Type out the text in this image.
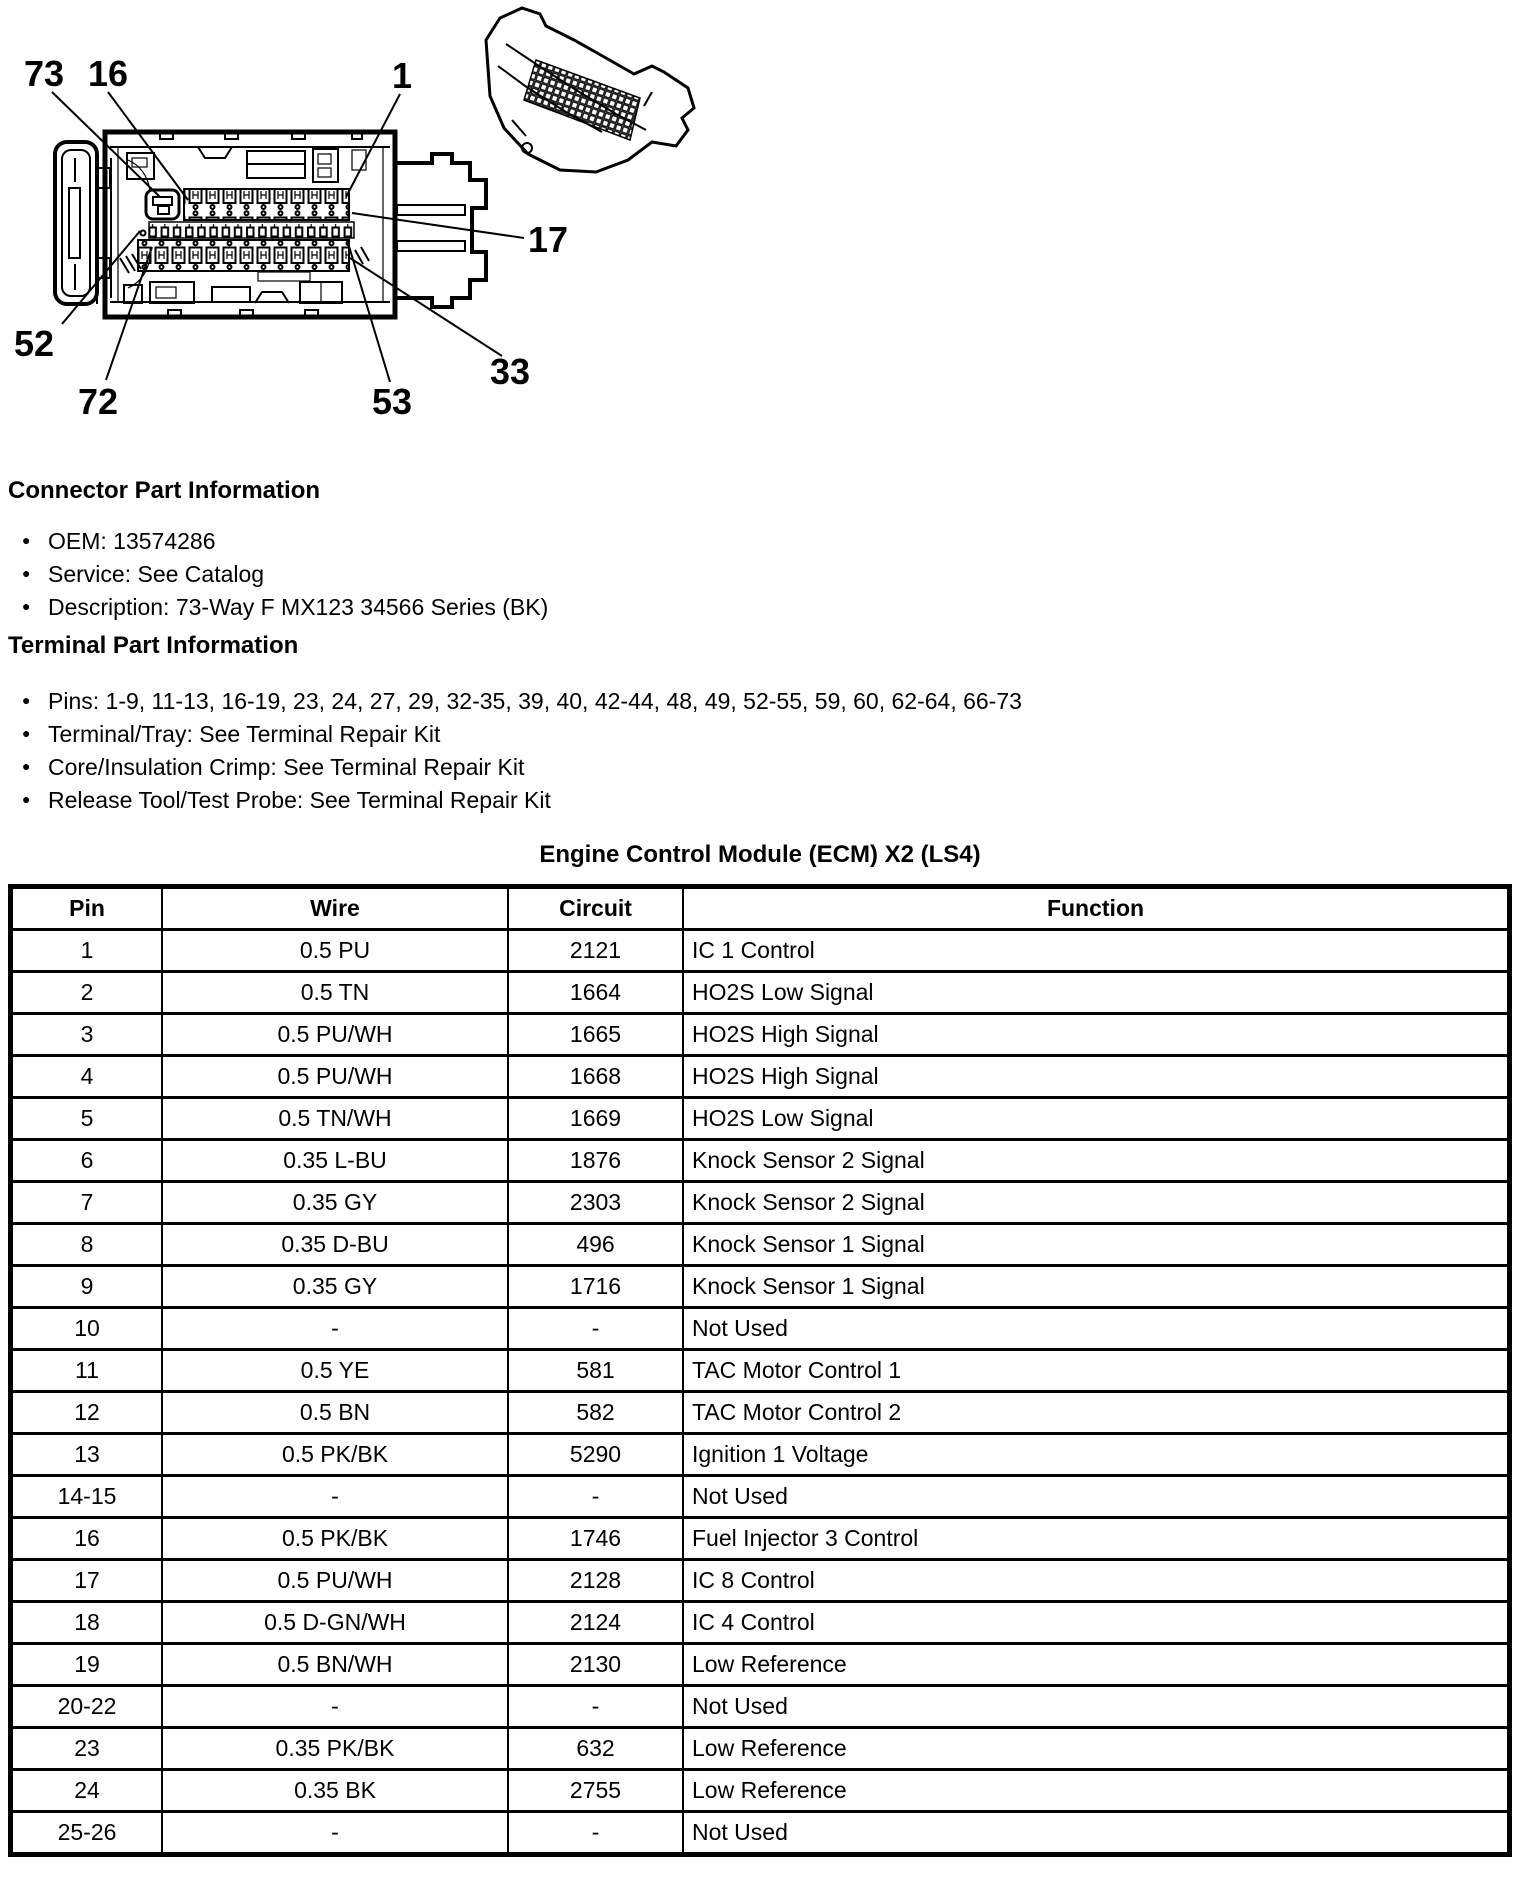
73 16	1
17
33
53
72
52
Connector Part Information
● OEM: 13574286
● Service: See Catalog
● Description: 73-Way F MX123 34566 Series (BK)
Terminal Part Information
● Pins: 1-9, 11-13, 16-19, 23, 24, 27, 29, 32-35, 39, 40, 42-44, 48, 49, 52-55, 59, 60, 62-64, 66-73
● Terminal/Tray: See Terminal Repair Kit
● Core/Insulation Crimp: See Terminal Repair Kit
● Release Tool/Test Probe: See Terminal Repair Kit
Engine Control Module (ECM) X2 (LS4)
Pin	Wire	Circuit	Function
1	0.5 PU	2121	IC 1 Control
2	0.5 TN	1664	HO2S Low Signal
3	0.5 PU/WH	1665	HO2S High Signal
4	0.5 PU/WH	1668	HO2S High Signal
5	0.5 TN/WH	1669	HO2S Low Signal
6	0.35 L-BU	1876	Knock Sensor 2 Signal
7	0.35 GY	2303	Knock Sensor 2 Signal
8	0.35 D-BU	496	Knock Sensor 1 Signal
9	0.35 GY	1716	Knock Sensor 1 Signal
10	-	-	Not Used
11	0.5 YE	581	TAC Motor Control 1
12	0.5 BN	582	TAC Motor Control 2
13	0.5 PK/BK	5290	Ignition 1 Voltage
14-15	-	-	Not Used
16	0.5 PK/BK	1746	Fuel Injector 3 Control
17	0.5 PU/WH	2128	IC 8 Control
18	0.5 D-GN/WH	2124	IC 4 Control
19	0.5 BN/WH	2130	Low Reference
20-22	-	-	Not Used
23	0.35 PK/BK	632	Low Reference
24	0.35 BK	2755	Low Reference
25-26	-	-	Not Used
